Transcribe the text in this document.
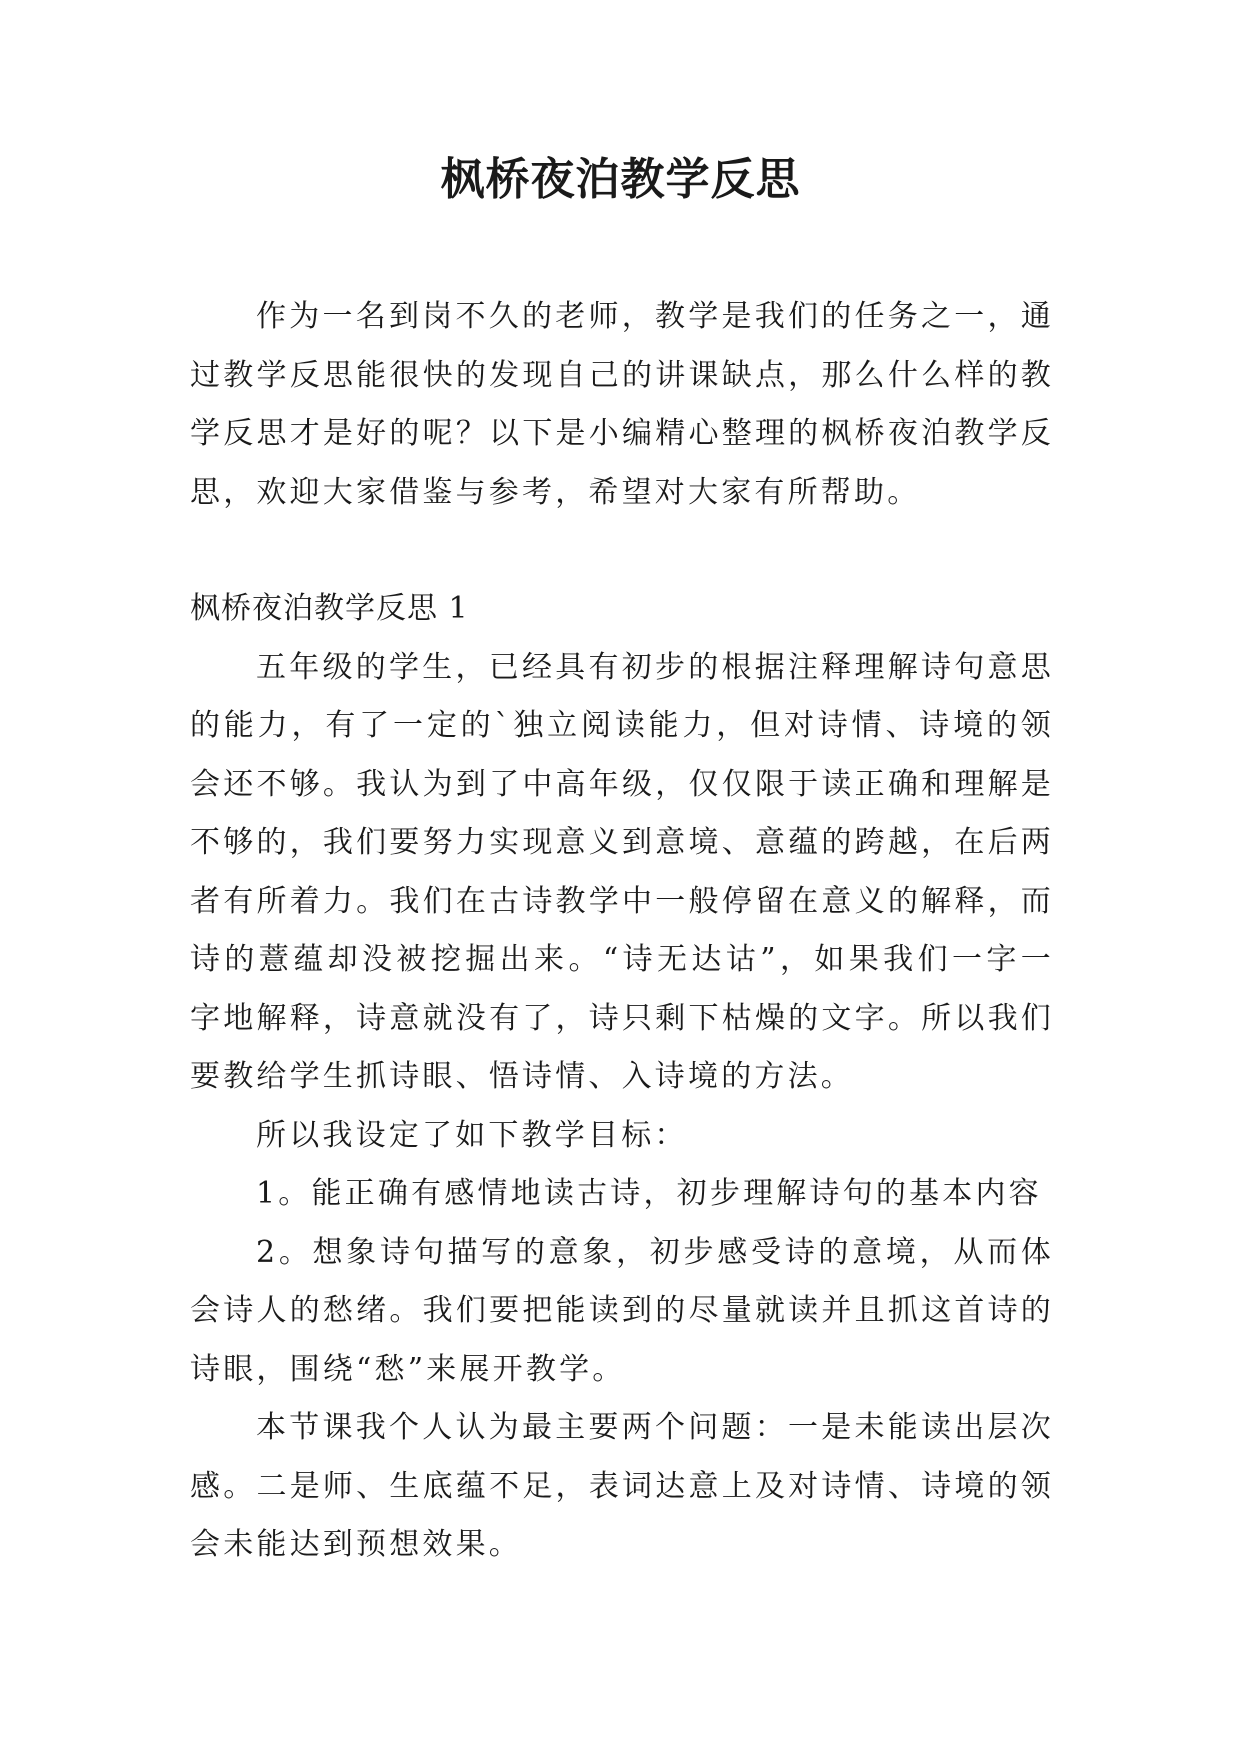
枫桥夜泊教学反思

作为一名到岗不久的老师，教学是我们的任务之一，通过教学反思能很快的发现自己的讲课缺点，那么什么样的教学反思才是好的呢？以下是小编精心整理的枫桥夜泊教学反思，欢迎大家借鉴与参考，希望对大家有所帮助。

枫桥夜泊教学反思 1

五年级的学生，已经具有初步的根据注释理解诗句意思的能力，有了一定的`独立阅读能力，但对诗情、诗境的领会还不够。我认为到了中高年级，仅仅限于读正确和理解是不够的，我们要努力实现意义到意境、意蕴的跨越，在后两者有所着力。我们在古诗教学中一般停留在意义的解释，而诗的薏蕴却没被挖掘出来。“诗无达诂”，如果我们一字一字地解释，诗意就没有了，诗只剩下枯燥的文字。所以我们要教给学生抓诗眼、悟诗情、入诗境的方法。

所以我设定了如下教学目标：

1。能正确有感情地读古诗，初步理解诗句的基本内容

2。想象诗句描写的意象，初步感受诗的意境，从而体会诗人的愁绪。我们要把能读到的尽量就读并且抓这首诗的诗眼，围绕“愁”来展开教学。

本节课我个人认为最主要两个问题：一是未能读出层次感。二是师、生底蕴不足，表词达意上及对诗情、诗境的领会未能达到预想效果。
